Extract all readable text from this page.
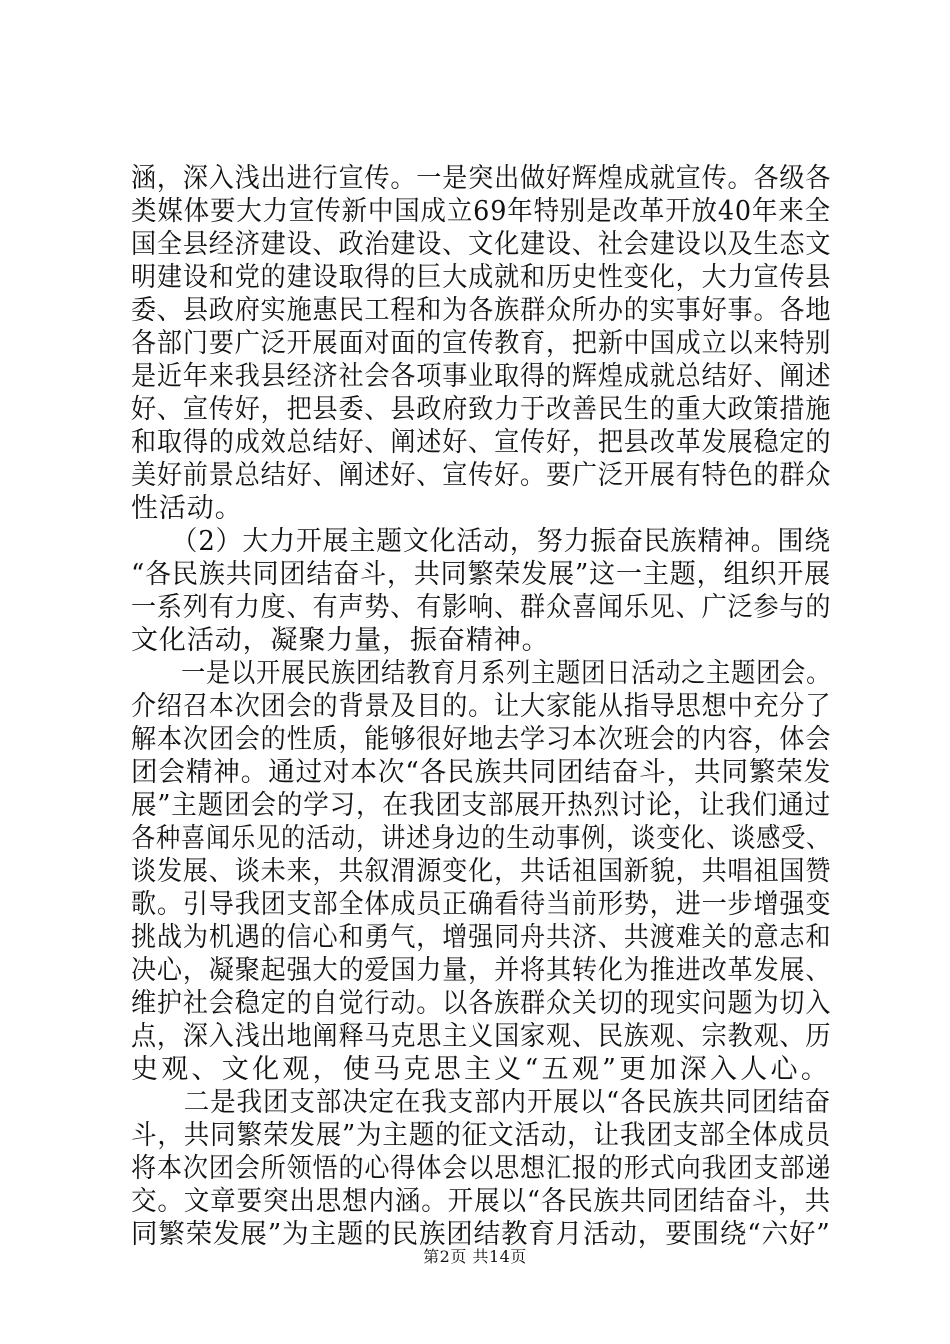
涵，深入浅出进行宣传。一是突出做好辉煌成就宣传。各级各
类媒体要大力宣传新中国成立69年特别是改革开放40年来全
国全县经济建设、政治建设、文化建设、社会建设以及生态文
明建设和党的建设取得的巨大成就和历史性变化，大力宣传县
委、县政府实施惠民工程和为各族群众所办的实事好事。各地
各部门要广泛开展面对面的宣传教育，把新中国成立以来特别
是近年来我县经济社会各项事业取得的辉煌成就总结好、阐述
好、宣传好，把县委、县政府致力于改善民生的重大政策措施
和取得的成效总结好、阐述好、宣传好，把县改革发展稳定的
美好前景总结好、阐述好、宣传好。要广泛开展有特色的群众
性活动。
　　（2）大力开展主题文化活动，努力振奋民族精神。围绕
“各民族共同团结奋斗，共同繁荣发展”这一主题，组织开展
一系列有力度、有声势、有影响、群众喜闻乐见、广泛参与的
文化活动，凝聚力量，振奋精神。
　　一是以开展民族团结教育月系列主题团日活动之主题团会。
介绍召本次团会的背景及目的。让大家能从指导思想中充分了
解本次团会的性质，能够很好地去学习本次班会的内容，体会
团会精神。通过对本次“各民族共同团结奋斗，共同繁荣发
展”主题团会的学习，在我团支部展开热烈讨论，让我们通过
各种喜闻乐见的活动，讲述身边的生动事例，谈变化、谈感受、
谈发展、谈未来，共叙渭源变化，共话祖国新貌，共唱祖国赞
歌。引导我团支部全体成员正确看待当前形势，进一步增强变
挑战为机遇的信心和勇气，增强同舟共济、共渡难关的意志和
决心，凝聚起强大的爱国力量，并将其转化为推进改革发展、
维护社会稳定的自觉行动。以各族群众关切的现实问题为切入
点，深入浅出地阐释马克思主义国家观、民族观、宗教观、历
史观、文化观，使马克思主义“五观”更加深入人心。
　　二是我团支部决定在我支部内开展以“各民族共同团结奋
斗，共同繁荣发展”为主题的征文活动，让我团支部全体成员
将本次团会所领悟的心得体会以思想汇报的形式向我团支部递
交。文章要突出思想内涵。开展以“各民族共同团结奋斗，共
同繁荣发展”为主题的民族团结教育月活动，要围绕“六好”
第2页 共14页
